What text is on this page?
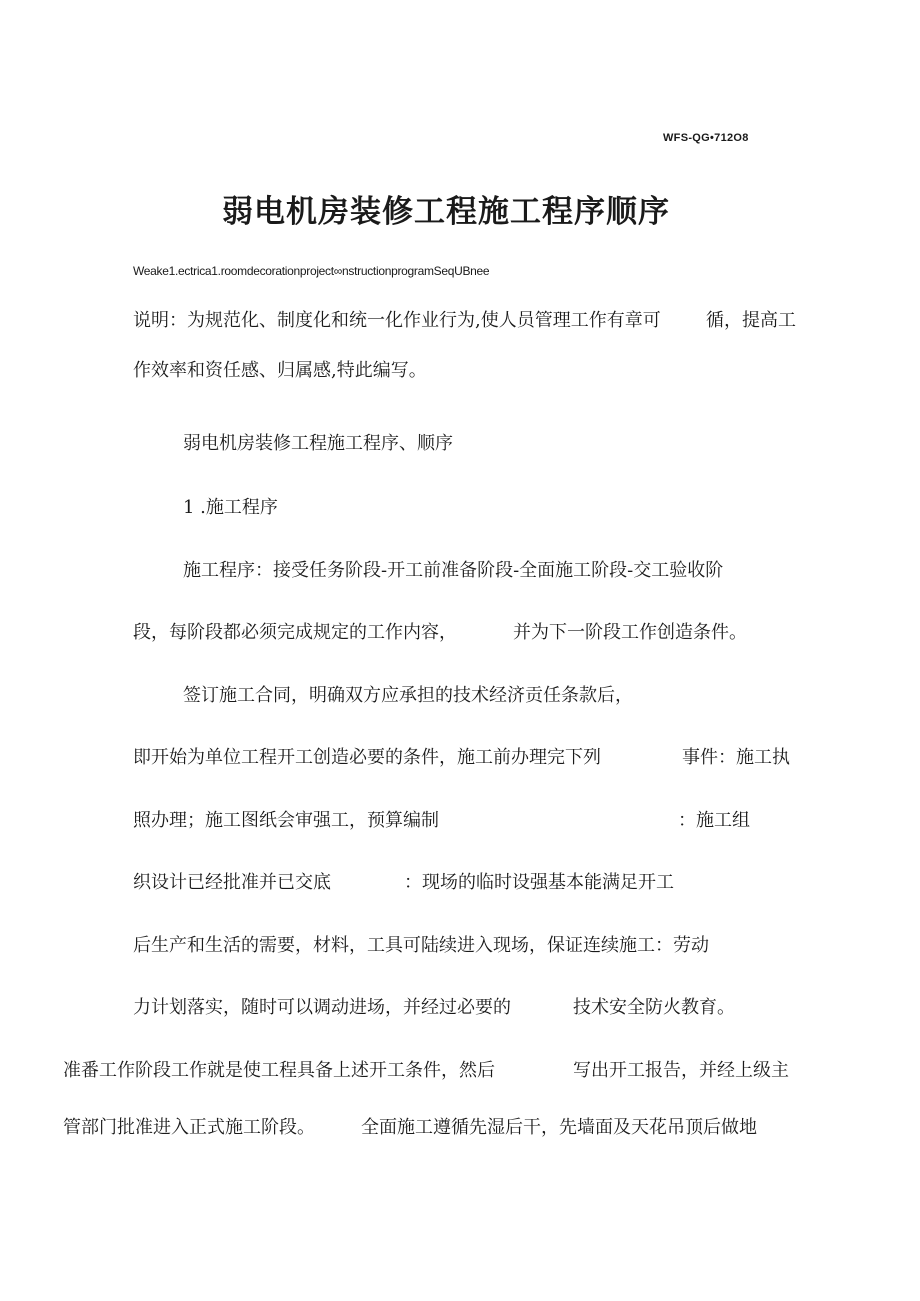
WFS-QG•712O8
弱电机房装修工程施工程序顺序
Weake1.ectrica1.roomdecorationproject∞nstructionprogramSeqUBnee
说明：为规范化、制度化和统一化作业行为,使人员管理工作有章可	循，提高工
作效率和资任感、归属感,特此编写。
弱电机房装修工程施工程序、顺序
1 .施工程序
施工程序：接受任务阶段-开工前准备阶段-全面施工阶段-交工验收阶
段，每阶段都必须完成规定的工作内容，	并为下一阶段工作创造条件。
签订施工合同，明确双方应承担的技术经济贡任条款后，
即开始为单位工程开工创造必要的条件，施工前办理完下列	事件：施工执
照办理；施工图纸会审强工，预算编制	：施工组
织设计已经批准并已交底	：现场的临时设强基本能满足开工
后生产和生活的需要，材料，工具可陆续进入现场，保证连续施工：劳动
力计划落实，随时可以调动进场，并经过必要的	技术安全防火教育。
准番工作阶段工作就是使工程具备上述开工条件，然后	写出开工报告，并经上级主
管部门批准进入正式施工阶段。	全面施工遵循先湿后干，先墙面及天花吊顶后做地
